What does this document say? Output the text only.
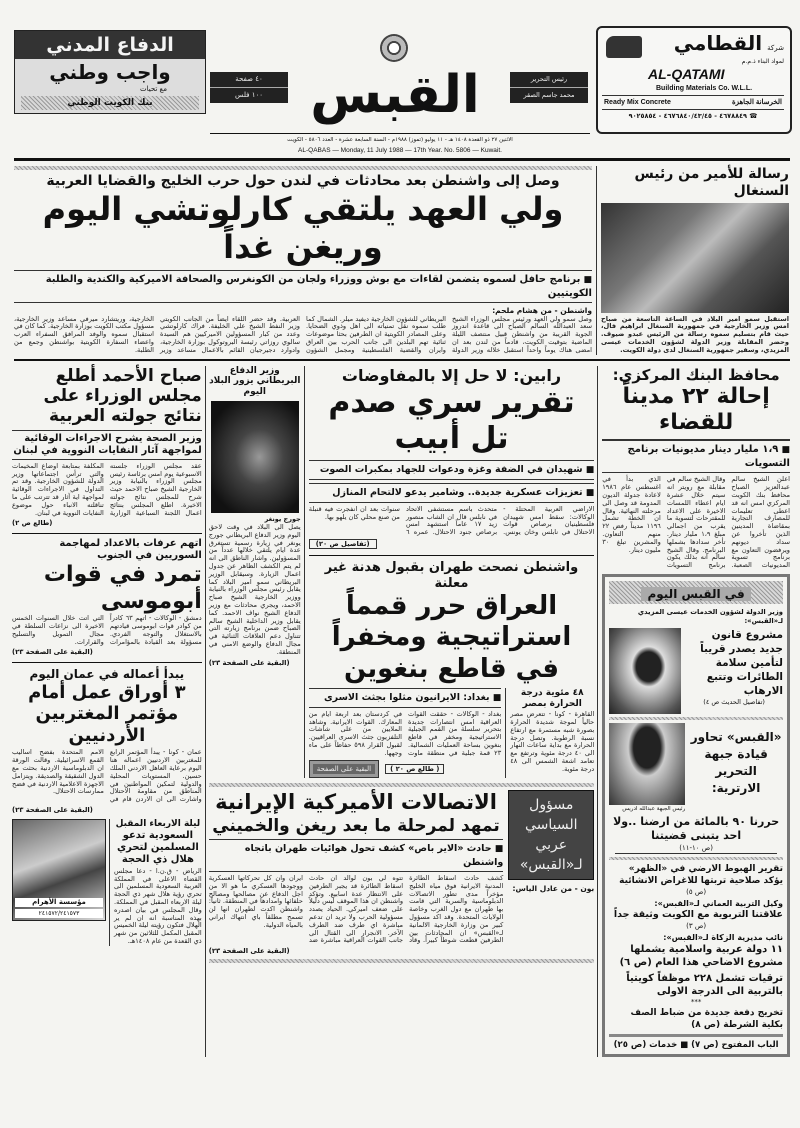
الدفاع المدني
واجب وطني
مع تحيات
بنك الكويت الوطني
٤٠ صفحة
١٠٠ فلس القبس	رئيس التحرير
محمد جاسم الصقر
شركة القطامي
لمواد البناء ذ.م.م
AL-QATAMI
Building Materials Co. W.L.L.
Ready Mix Concrete	الخرسانة الجاهزة
☎ ٤٦٧٨٨٤٩ - ٤٦٧٦٨٤٠/٤٣/٤٥ - ٩٠٢٥٨٥٤
الاثنين ٢٧ ذو القعدة ١٤٠٨ هـ - ١١ يوليو (تموز) ١٩٨٨م - السنة السابعة عشرة - العدد ٥٨٠٦ - الكويت
AL-QABAS — Monday, 11 July 1988 — 17th Year. No. 5806 — Kuwait.
وصل إلى واشنطن بعد محادثات في لندن حول حرب الخليج والقضايا العربية
ولي العهد يلتقي كارلوتشي اليوم وريغن غداً
■ برنامج حافل لسموه يتضمن لقاءات مع بوش ووزراء ولجان من الكونغرس والصحافة الاميركية والكندية والطلبة الكويتيين
واشنطن - من هشام ملحم:
وصل سمو ولي العهد ورئيس مجلس الوزراء الشيخ سعد العبدالله السالم الصباح الى قاعدة اندروز الجوية القريبة من واشنطن قبيل منتصف الليلة الماضية بتوقيت الكويت، قادماً من لندن بعد ان امضى هناك يوماً واحداً استقبل خلاله وزير الدولة البريطاني للشؤون الخارجية ديفيد ميلر. الشمال كما طلب سموه نقل تمنياته الى اهل وذوي الضحايا. وعلى المصادر الكويتية ان الطرفين بحثا موضوعات ثنائية تهم البلدين الى جانب الحرب بين العراق وايران والقضية الفلسطينية ومجمل الشؤون العربية. وقد حضر اللقاء ايضاً من الجانب الكويتي وزير النفط الشيخ علي الخليفة. فراك كارلوتشي وعدد من كبار المسؤولين الاميركيين هم السيدة سالوي روزاتي رئيسة البروتوكول بوزارة الخارجية، وادوارد دجيرجيان القائم بالاعمال مساعد وزير الخارجية، وريتشارد ميرفي مساعد وزير الخارجية، مسؤول مكتب الكويت بوزارة الخارجية. كما كان في استقبال سموه والوفد المرافق السفراء العرب واعضاء السفارة الكويتية بواشنطن وجمع من الطلبة.
رسالة للأمير من رئيس السنغال
استقبل سمو امير البلاد في الساعة التاسعة من صباح امس وزير الخارجية في جمهورية السنغال ابراهيم فال، حيث قام بتسليم سموه رسالة من الرئيس عبدو ضيوف. وحضر المقابلة وزير الدولة لشؤون الخدمات عيسى المزيدي، وسفير جمهورية السنغال لدى دولة الكويت.
صباح الأحمد أطلع مجلس الوزراء على نتائج جولته العربية
وزير الصحة يشرح الاجراءات الوقائية لمواجهة آثار النفايات النووية في لبنان
عقد مجلس الوزراء جلسته الاسبوعية يوم امس برئاسة رئيس مجلس الوزراء بالنيابة وزير الخارجية الشيخ صباح الاحمد حيث شرح للمجلس نتائج جولته الاخيرة. اطلع المجلس بنتائج اعمال اللجنة السباعية الوزارية المكلفة بمتابعة اوضاع المخيمات والتي ترأس اجتماعاتها وزير الدولة للشؤون الخارجية. وقد تم التداول في الاجراءات الوقائية لمواجهة اية آثار قد تترتب على ما تناقلته الانباء حول موضوع النفايات النووية في لبنان.
(طالع ص ٢)
اتهم عرفات بالاعداد لمهاجمة السوريين في الجنوب
تمرد في قوات أبوموسى
دمشق - الوكالات - اتهم ٦٣ كادراً من كوادر قوات ابوموسى قيادتهم بالاستغلال والتوجه الفردي. مسؤولة بعد القيادة بالمؤامرات التي اتت خلال السنوات الخمس الاخيرة الى نزاعات السلطة في مجال التمويل والتسليح والقرارات.
(البقية على الصفحة ٢٣)
يبدأ أعماله في عمان اليوم
٣ أوراق عمل أمام مؤتمر المغتربين الأردنيين
عمان - كونا - يبدأ المؤتمر الرابع للمغتربين الاردنيين اعماله هنا اليوم برعاية العاهل الاردني الملك حسين. المستويات المحلية والدولية لتمكين المواطنين في المناطق من مقاومة الاحتلال واشارت الى ان الاردن قام في الامم المتحدة بفضح اساليب القمع الاسرائيلية. وقالت الورقة ان الدبلوماسية الاردنية بحثت مع الدول الشقيقة والصديقة. ويتزامل الاجهزة الاعلامية الاردنية في فضح ممارسات الاحتلال.
(البقية على الصفحة ٢٣)
مؤسسة الأهرام
٢٤١٥٧٢/٢٤١٥٧٣
ليلة الاربعاء المقبل
السعودية تدعو المسلمين لتحري هلال ذي الحجة
الرياض - ق.ن.ا - دعا مجلس القضاء الاعلى في المملكة العربية السعودية المسلمين الى تحري رؤية هلال شهر ذي الحجة ليلة الاربعاء المقبل في المملكة. وقال المجلس في بيان اصدره بهذه المناسبة انه ان لم ير الهلال فتكون رؤيته ليلة الخميس المقبل المكمل للثلاثين من شهر ذي القعدة من عام ١٤٠٨هـ.
وزير الدفاع البريطاني يزور البلاد اليوم
جورج يونغر
يصل الى البلاد في وقت لاحق اليوم وزير الدفاع البريطاني جورج يونغر في زيارة رسمية تستغرق عدة ايام يلتقي خلالها عدداً من المسؤولين. واشار الناطق الى انه لم يتم الكشف الظاهر عن جدول اعمال الزيارة. وسيقابل الوزير البريطاني سمو امير البلاد كما يقابل رئيس مجلس الوزراء بالنيابة ووزير الخارجية الشيخ صباح الاحمد، ويجري محادثات مع وزير الدفاع الشيخ نواف الاحمد. كما يقابل وزير الداخلية الشيخ سالم الصباح ضمن برنامج زيارته التي تتناول دعم العلاقات الثنائية في مجال الدفاع والوضع الامني في المنطقة.
(البقية على الصفحة ٢٣)
رابين: لا حل إلا بالمفاوضات
تقرير سري صدم تل أبيب
■ شهيدان في الضفة وغزة ودعوات للجهاد بمكبرات الصوت
■ تعزيزات عسكرية جديدة.. وشامير يدعو لالتحام المنازل
الاراضي العربية المحتلة - الوكالات: سقط امس شهيدان فلسطينيان برصاص قوات الاحتلال في نابلس وخان يونس. متحدث باسم مستشفى الاتحاد في نابلس قال ان الشاب منصور زيد ١٧ عاماً استشهد امس برصاص جنود الاحتلال. عمره ٦ سنوات بعد ان انفجرت فيه قنبلة من صنع محلي كان يلهو بها.
(تفاصيل ص ٢٠)
واشنطن نصحت طهران بقبول هدنة غير معلنة
العراق حرر قمماً استراتيجية ومخفراً في قاطع بنغوين
٤٨ مئوية درجة الحرارة بمصر
القاهرة - كونا - تتعرض مصر حالياً لموجة شديدة الحرارة بصورة شبه مستمرة مع ارتفاع نسبة الرطوبة. وتصل درجة الحرارة مع بداية ساعات النهار الى ٤٠ درجة مئوية وترتفع مع تعامد اشعة الشمس الى ٤٨ درجة مئوية.
■ بغداد: الايرانيون مثلوا بجثث الاسرى
بغداد - الوكالات - حققت القوات العراقية امس انتصارات جديدة بتحرير سلسلة من القمم الجبلية الاستراتيجية ومخفر في قاطع بنغوين بساحة العمليات الشمالية. ٢٣ قمة جبلية في منطقة ماوت في كردستان بعد اربعة ايام من المعارك. القوات الايرانية. وشاهد الملايين من على شاشات التلفزيون جثث الاسرى العراقيين. لقبول القرار ٥٩٨ حفاظاً على ماء وجهها.
البقية على الصفحة	( طالع ص ٢٠ )
مسؤول السياسي عربي لـ«القبس»
بون - من عادل الياس:
الاتصالات الأميركية الإيرانية
تمهد لمرحلة ما بعد ريغن والخميني
■ حادث «الاير باص» كشف تحول هوائيات طهران باتجاه واشنطن
كشف حادث اسقاط الطائرة المدنية الايرانية فوق مياه الخليج مؤخراً مدى تطور الاتصالات الدبلوماسية والسرية التي قامت بها طهران مع دول الغرب وخاصة الولايات المتحدة. وقد اكد مسؤول كبير من وزارة الخارجية الالمانية لـ«القبس» ان المحادثات بين الطرفين قطعت شوطاً كبيراً. وقاد تتوه لي بون لوالد ان حادث اسقاط الطائرة قد يجبر الطرفين على الانتظار عدة اسابيع. وتؤكد واشنطن ان هذا الموقف ليس دليلاً على ضعف اميركي. الحياد يصدد مسؤولية الحرب ولا تريد ان تدعم مباشرة اي طرف ضد الطرف الآخر. الانجرار الى القتال الى جانب القوات العراقية مباشرة ضد ايران وان كل تحركاتها العسكرية ووجودها العسكري ما هو الا من اجل الدفاع عن مصالحها ومصالح حلفائها وامدادها في المنطقة. ثانياً: واشنطن اكدت لطهران انها لن تسمح مطلقاً باي انتهاك ايراني بالمياه الدولية.
(البقية على الصفحة ٢٣)
محافظ البنك المركزي:
إحالة ٢٢ مديناً للقضاء
■ ١،٩ مليار دينار مديونيات برنامج التسويات
اعلن الشيخ سالم عبدالعزيز الصباح محافظ بنك الكويت المركزي امس انه قد اعطى تعليمات للمصارف التجارية بمقاضاة المدينين الذين تأخروا عن سداد ديونهم ويرفضون التعاون مع برنامج تسوية المديونيات الصعبة. وقال الشيخ سالم في مقابلة مع رويتر انه سيتم خلال عشرة ايام اعطاء اللمسات الاخيرة على الاعداد للمقترحات لتسوية ما يقرب من اجمالي مبلغ ١،٩ مليار دينار. تأخر سدادها بشملها البرنامج. وقال الشيخ سالم انه بذلك يكون برنامج التسويات الذي بدأ في اغسطس عام ١٩٨٦ لاعادة جدولة الديون المدومة قد وصل الى مرحلته النهائية. وقال ان الخطة تشمل ١١٩٦ مديناً رفض ٢٢ منهم التعاون. والمشرين تبلغ ٣٠ مليون دينار.
في القبس اليوم
وزير الدولة لشؤون الخدمات عيسى المزيدي لـ«القبس»:
مشروع قانون جديد يصدر قريباً لتأمين سلامة الطائرات وتتبع الارهاب
(تفاصيل الحديث ص ٤)
«القبس» تحاور قيادة جبهة التحرير الارترية:
رئيس الجبهة عبدالله ادريس
حررنا ٩٠ بالمائة من ارضنا ..ولا احد يتبنى قضيتنا
(ص ١٠-١١)
تقرير الهبوط الارضي في «الظهر» يؤكد صلاحية تربتها للاغراض الانشائية
(ص ٥)
وكيل التربية العماني لـ«القبس»:
علاقتنا التربوية مع الكويت وثيقة جداً
(ص ٣)
نائب مديرية الزكاة لـ«القبس»:
١١ دولة عربية واسلامية يشملها مشروع الاضاحي هذا العام (ص ٦)
ترقيات تشمل ٢٢٨ موظفاً كويتياً بالتربية الى الدرجة الاولى
***
تخريج دفعة جديدة من ضباط الصف بكلية الشرطة (ص ٨)
الباب المفتوح (ص ٧) ■ خدمات (ص ٢٥)
